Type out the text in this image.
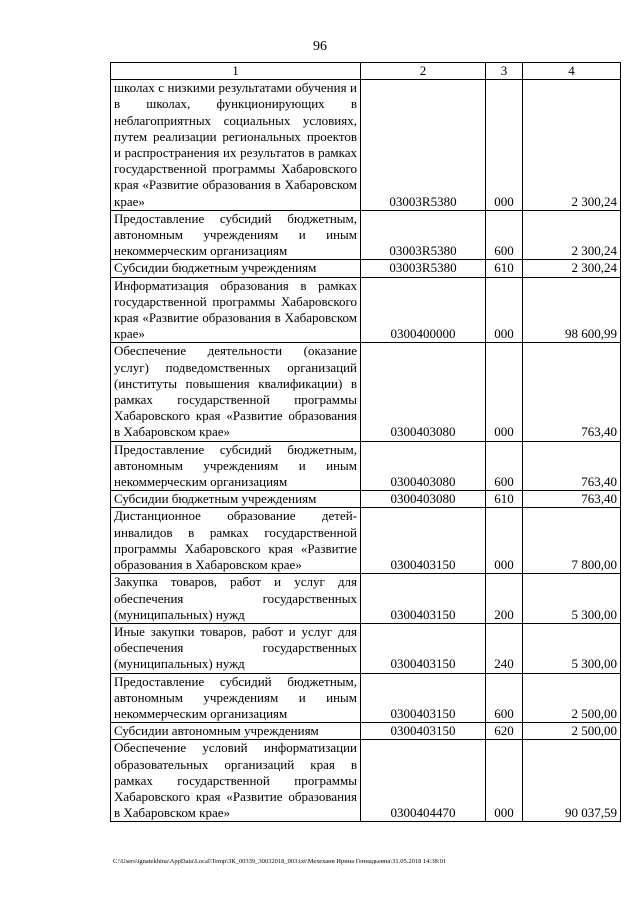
96
1	2	3	4
школах с низкими результатами обучения и в школах, функционирующих в неблагоприятных социальных условиях, путем реализации региональных проектов и распространения их результатов в рамках государственной программы Хабаровского края «Развитие образования в Хабаровском крае»	03003R5380	000	2 300,24
Предоставление субсидий бюджетным, автономным учреждениям и иным некоммерческим организациям	03003R5380	600	2 300,24
Субсидии бюджетным учреждениям	03003R5380	610	2 300,24
Информатизация образования в рамках государственной программы Хабаровского края «Развитие образования в Хабаровском крае»	0300400000	000	98 600,99
Обеспечение деятельности (оказание услуг) подведомственных организаций (институты повышения квалификации) в рамках государственной программы Хабаровского края «Развитие образования в Хабаровском крае»	0300403080	000	763,40
Предоставление субсидий бюджетным, автономным учреждениям и иным некоммерческим организациям	0300403080	600	763,40
Субсидии бюджетным учреждениям	0300403080	610	763,40
Дистанционное образование детей-инвалидов в рамках государственной программы Хабаровского края «Развитие образования в Хабаровском крае»	0300403150	000	7 800,00
Закупка товаров, работ и услуг для обеспечения государственных (муниципальных) нужд	0300403150	200	5 300,00
Иные закупки товаров, работ и услуг для обеспечения государственных (муниципальных) нужд	0300403150	240	5 300,00
Предоставление субсидий бюджетным, автономным учреждениям и иным некоммерческим организациям	0300403150	600	2 500,00
Субсидии автономным учреждениям	0300403150	620	2 500,00
Обеспечение условий информатизации образовательных организаций края в рамках государственной программы Хабаровского края «Развитие образования в Хабаровском крае»	0300404470	000	90 037,59
C:\Users\ignatekhina\AppData\Local\Temp\ЗК_00339_30032018_003.txt\Мехеханв Ирина Геннадьевна\31.05.2018 14:38:01
